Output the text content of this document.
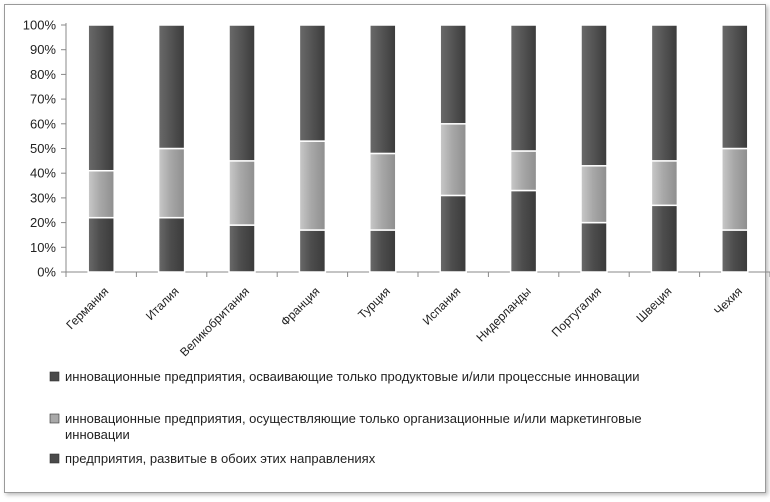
0%
10%
20%
30%
40%
50%
60%
70%
80%
90%
100%
Германия	Италия
Великобритания Франция	Турция Испания Нидерланды Португалия Швеция	Чехия
инновационные предприятия, осваивающие только продуктовые и/или процессные инновации
инновационные предприятия, осуществляющие только организационные и/или маркетинговые
инновации
предприятия, развитые в обоих этих направлениях
